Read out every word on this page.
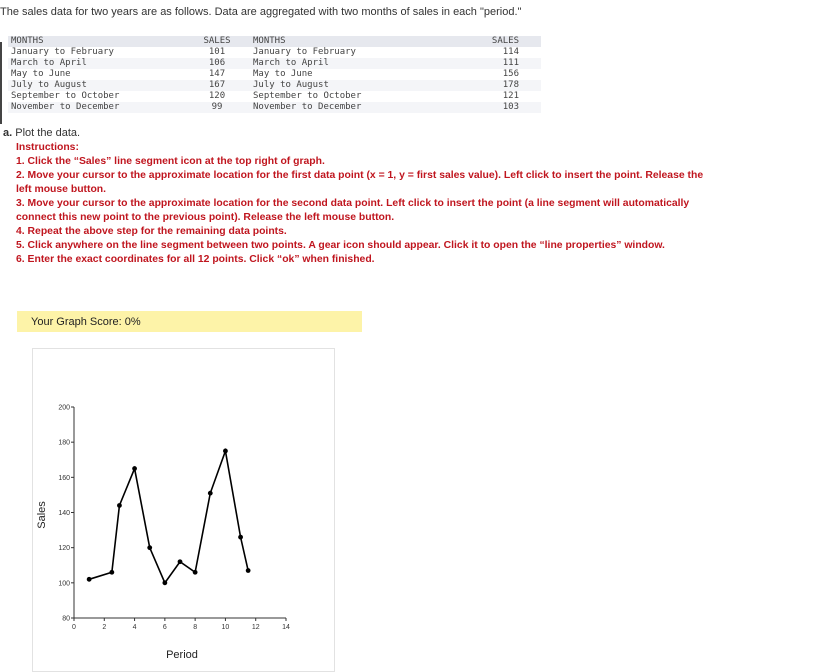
The sales data for two years are as follows. Data are aggregated with two months of sales in each "period."
MONTHS	SALES	MONTHS	SALES
January to February	101	January to February	114
March to April	106	March to April	111
May to June	147	May to June	156
July to August	167	July to August	178
September to October	120	September to October	121
November to December	99	November to December	103
a. Plot the data.

Instructions:

1. Click the “Sales” line segment icon at the top right of graph.

2. Move your cursor to the approximate location for the first data point (x = 1, y = first sales value). Left click to insert the point. Release the left mouse button.

3. Move your cursor to the approximate location for the second data point. Left click to insert the point (a line segment will automatically connect this new point to the previous point). Release the left mouse button.

4. Repeat the above step for the remaining data points.

5. Click anywhere on the line segment between two points. A gear icon should appear. Click it to open the “line properties” window.

6. Enter the exact coordinates for all 12 points. Click “ok” when finished.

Your Graph Score: 0%
0	2	4	6	8	10	12	14
80
100
120
140
160
180
200
Period
Sales
